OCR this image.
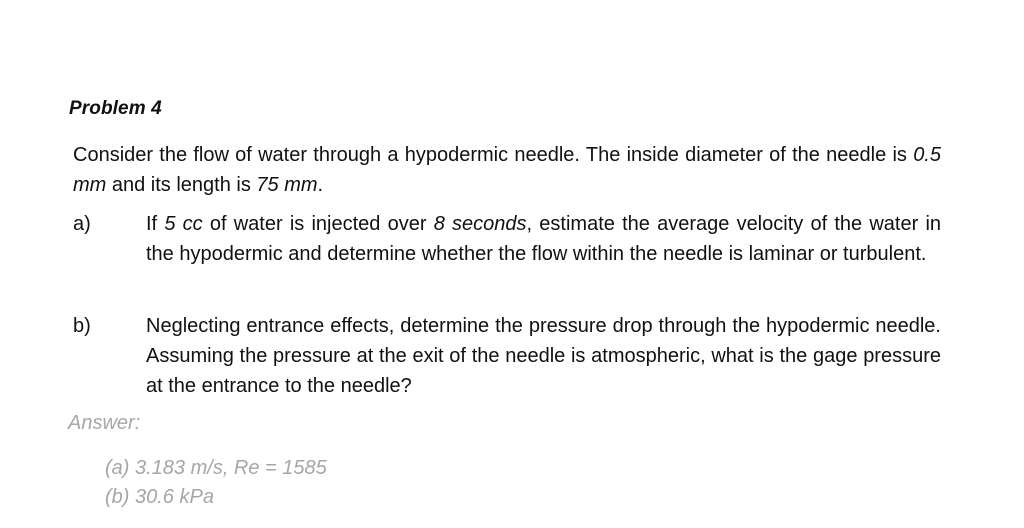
Problem 4
Consider the flow of water through a hypodermic needle. The inside diameter of the needle is 0.5 mm and its length is 75 mm.
a)	If 5 cc of water is injected over 8 seconds, estimate the average velocity of the water in the hypodermic and determine whether the flow within the needle is laminar or turbulent.
b)	Neglecting entrance effects, determine the pressure drop through the hypodermic needle. Assuming the pressure at the exit of the needle is atmospheric, what is the gage pressure at the entrance to the needle?
Answer:
(a) 3.183 m/s, Re = 1585
(b) 30.6 kPa
